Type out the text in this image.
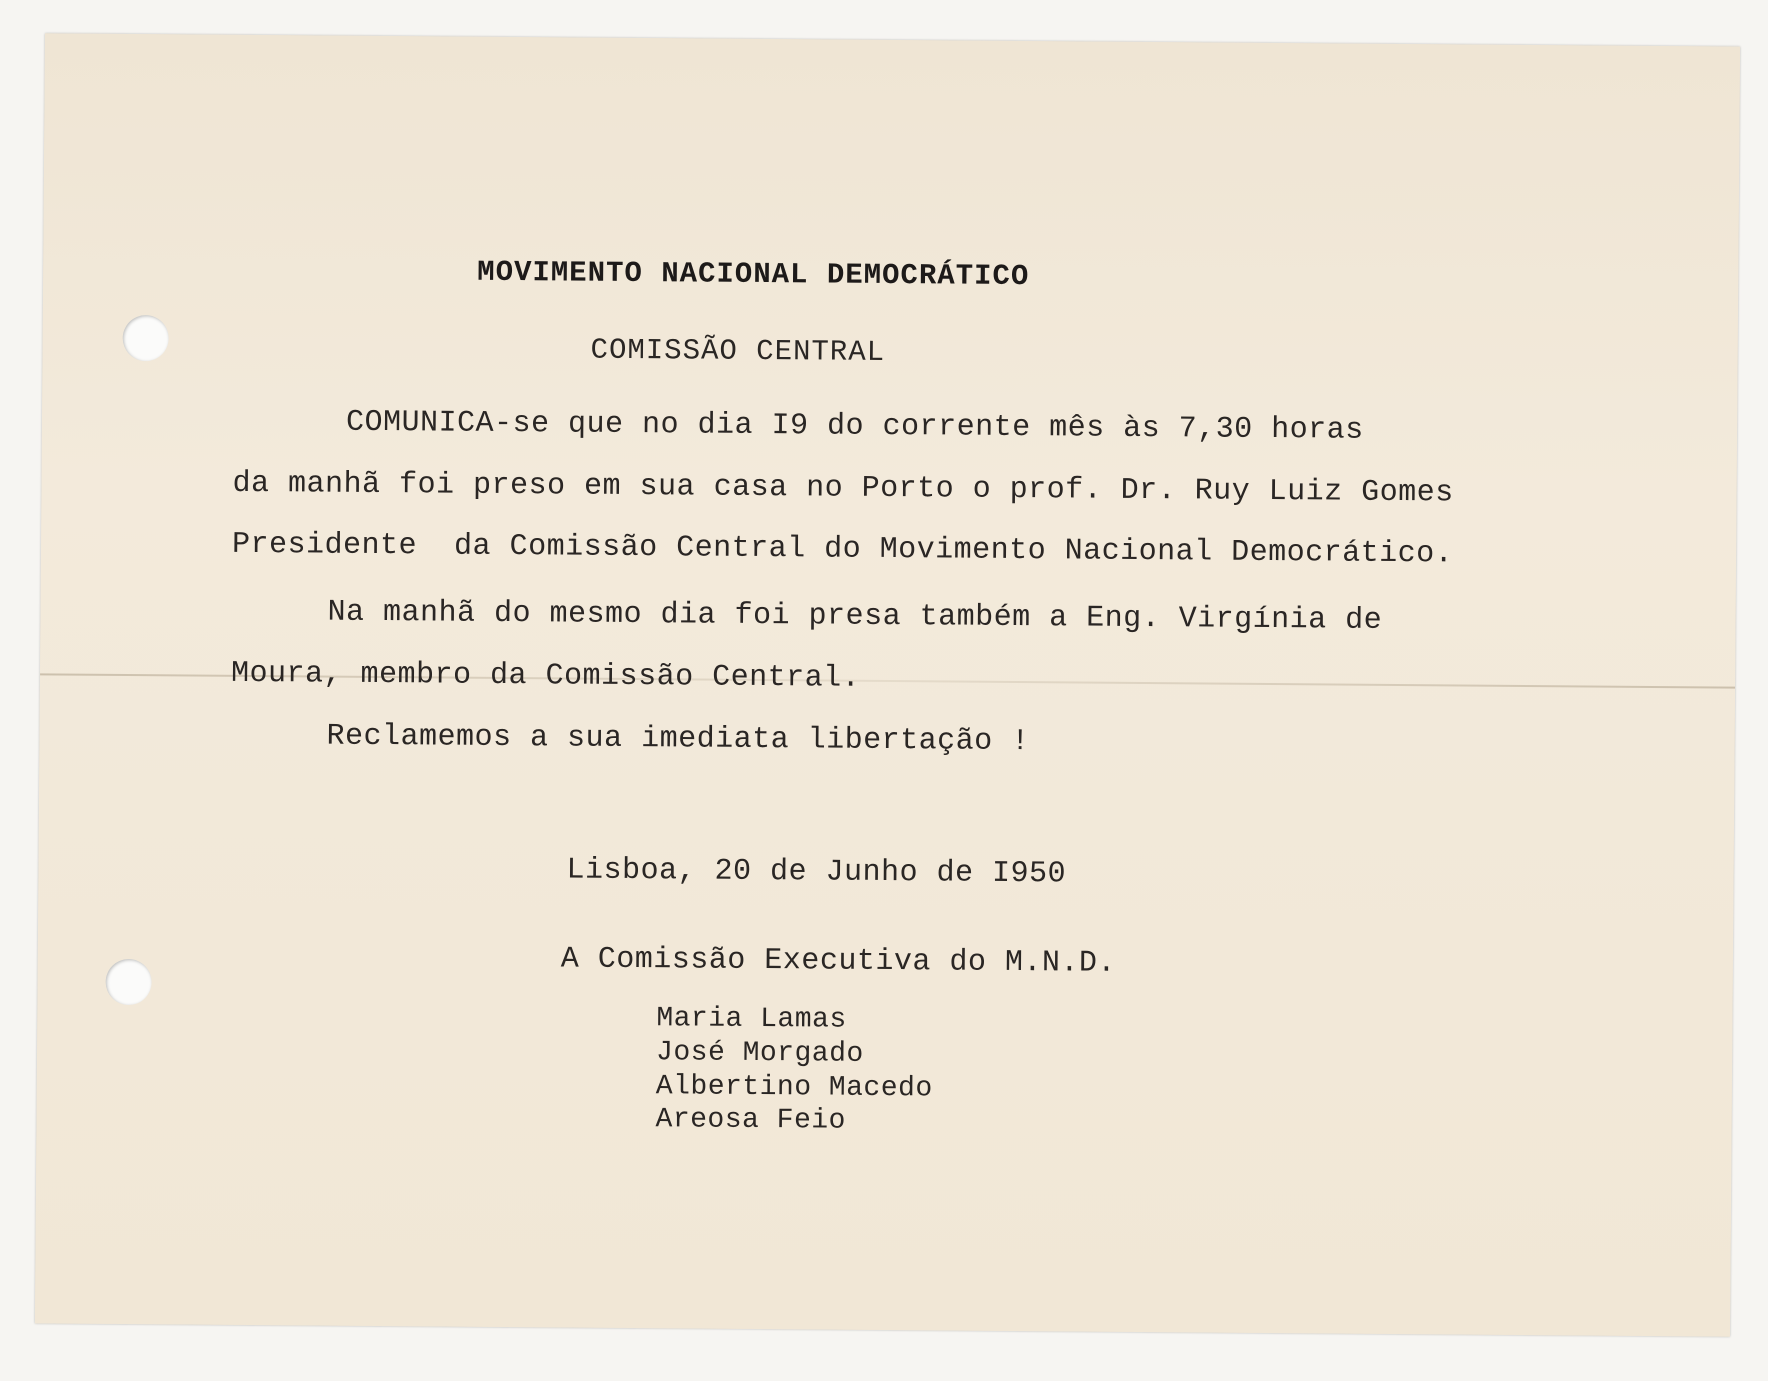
MOVIMENTO NACIONAL DEMOCRÁTICO
COMISSÃO CENTRAL
COMUNICA-se que no dia I9 do corrente mês às 7,30 horas
da manhã foi preso em sua casa no Porto o prof. Dr. Ruy Luiz Gomes
Presidente  da Comissão Central do Movimento Nacional Democrático.
Na manhã do mesmo dia foi presa também a Eng. Virgínia de
Moura, membro da Comissão Central.
Reclamemos a sua imediata libertação !
Lisboa, 20 de Junho de I950
A Comissão Executiva do M.N.D.
Maria Lamas
José Morgado
Albertino Macedo
Areosa Feio
